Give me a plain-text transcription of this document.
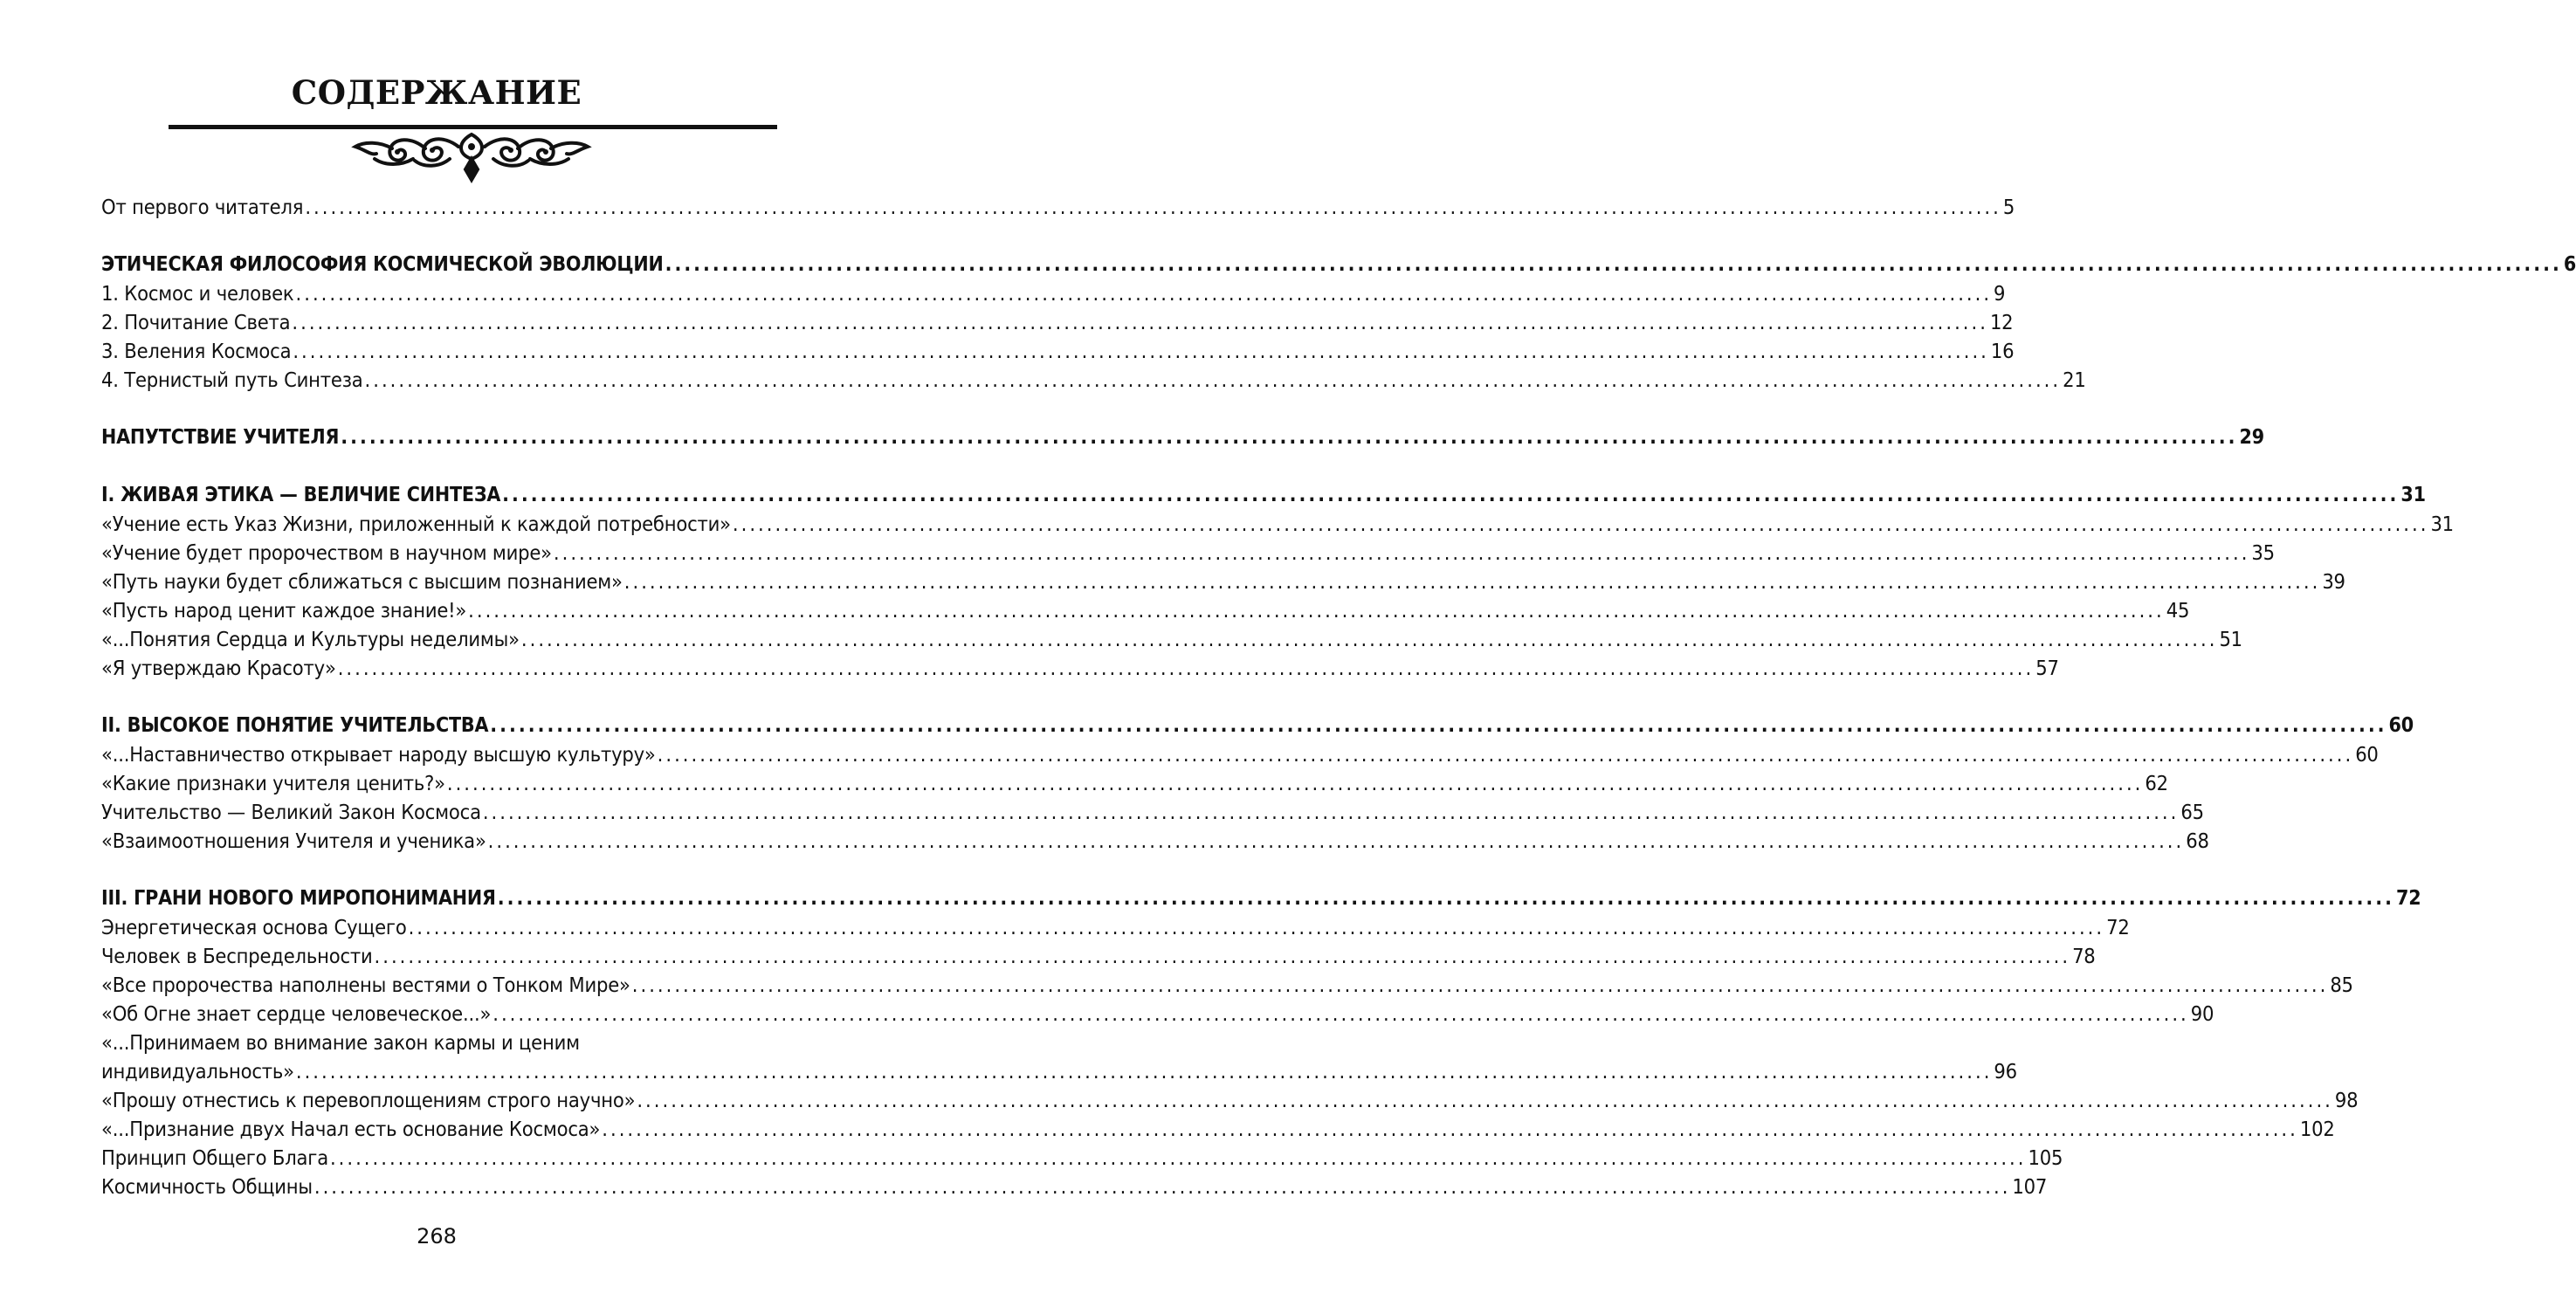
СОДЕРЖАНИЕ
От первого читателя ........................................................................................................................................................................................................ 5
ЭТИЧЕСКАЯ ФИЛОСОФИЯ КОСМИЧЕСКОЙ ЭВОЛЮЦИИ ........................................................................................................................................................................................................ 6
1. Космос и человек ........................................................................................................................................................................................................ 9
2. Почитание Света ........................................................................................................................................................................................................ 12
3. Веления Космоса ........................................................................................................................................................................................................ 16
4. Тернистый путь Синтеза ........................................................................................................................................................................................................ 21
НАПУТСТВИЕ УЧИТЕЛЯ ........................................................................................................................................................................................................ 29
I. ЖИВАЯ ЭТИКА — ВЕЛИЧИЕ СИНТЕЗА ........................................................................................................................................................................................................ 31
«Учение есть Указ Жизни, приложенный к каждой потребности» ........................................................................................................................................................................................................ 31
«Учение будет пророчеством в научном мире» ........................................................................................................................................................................................................ 35
«Путь науки будет сближаться с высшим познанием» ........................................................................................................................................................................................................ 39
«Пусть народ ценит каждое знание!» ........................................................................................................................................................................................................ 45
«...Понятия Сердца и Культуры неделимы» ........................................................................................................................................................................................................ 51
«Я утверждаю Красоту» ........................................................................................................................................................................................................ 57
II. ВЫСОКОЕ ПОНЯТИЕ УЧИТЕЛЬСТВА ........................................................................................................................................................................................................ 60
«...Наставничество открывает народу высшую культуру» ........................................................................................................................................................................................................ 60
«Какие признаки учителя ценить?» ........................................................................................................................................................................................................ 62
Учительство — Великий Закон Космоса ........................................................................................................................................................................................................ 65
«Взаимоотношения Учителя и ученика» ........................................................................................................................................................................................................ 68
III. ГРАНИ НОВОГО МИРОПОНИМАНИЯ ........................................................................................................................................................................................................ 72
Энергетическая основа Сущего ........................................................................................................................................................................................................ 72
Человек в Беспредельности ........................................................................................................................................................................................................ 78
«Все пророчества наполнены вестями о Тонком Мире» ........................................................................................................................................................................................................ 85
«Об Огне знает сердце человеческое...» ........................................................................................................................................................................................................ 90
«...Принимаем во внимание закон кармы и ценим
индивидуальность» ........................................................................................................................................................................................................ 96
«Прошу отнестись к перевоплощениям строго научно» ........................................................................................................................................................................................................ 98
«...Признание двух Начал есть основание Космоса» ........................................................................................................................................................................................................ 102
Принцип Общего Блага ........................................................................................................................................................................................................ 105
Космичность Общины ........................................................................................................................................................................................................ 107
268
